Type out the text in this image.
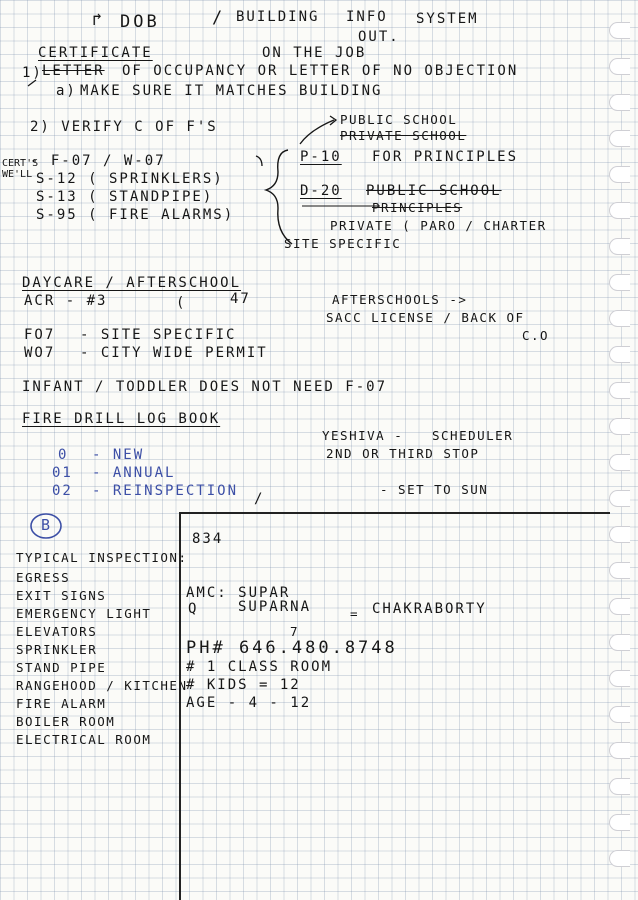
↱ DOB	/ BUILDING INFO SYSTEM
OUT.
CERTIFICATE	ON THE JOB
1) LETTER OF OCCUPANCY OR LETTER OF NO OBJECTION
a) MAKE SURE IT MATCHES BUILDING
2) VERIFY C OF F'S	PUBLIC SCHOOL
PRIVATE SCHOOL
P-10 FOR PRINCIPLES
D-20 PUBLIC SCHOOL
PRINCIPLES
PRIVATE ( PARO / CHARTER
SITE SPECIFIC
CERT'S
WE'LL
- F-07 / W-07
S-12 ( SPRINKLERS)
S-13 ( STANDPIPE)
S-95 ( FIRE ALARMS)
DAYCARE / AFTERSCHOOL
ACR - #3	(	47	AFTERSCHOOLS ->
SACC LICENSE / BACK OF
C.O
FO7 - SITE SPECIFIC
WO7 - CITY WIDE PERMIT
INFANT / TODDLER DOES NOT NEED F-07
FIRE DRILL LOG BOOK
0 - NEW
01 - ANNUAL
02 - REINSPECTION
YESHIVA - SCHEDULER
2ND OR THIRD STOP
- SET TO SUN
/
B
TYPICAL INSPECTION:
EGRESS
EXIT SIGNS
EMERGENCY LIGHT
ELEVATORS
SPRINKLER
STAND PIPE
RANGEHOOD / KITCHEN
FIRE ALARM
BOILER ROOM
ELECTRICAL ROOM
834
AMC: SUPAR
Q	SUPARNA	= CHAKRABORTY
7
PH# 646.480.8748
# 1 CLASS ROOM
# KIDS = 12
AGE - 4 - 12
